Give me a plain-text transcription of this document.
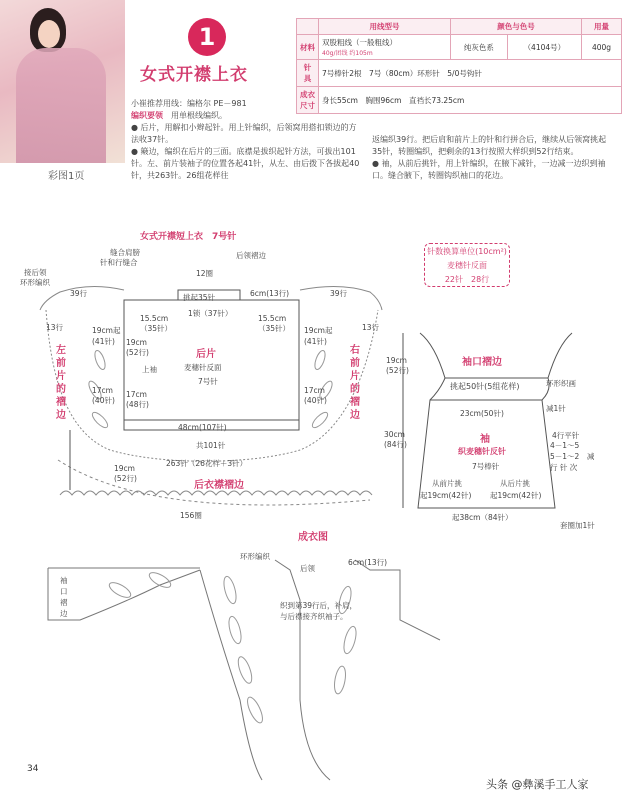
彩图1页
1
女式开襟上衣
	用线型号	颜色与色号		用量
材料	双股粗线（一般粗线）
40g/团线 约105m	纯灰色系	（4104号）	400g
针　具	7号棒针2根　7号（80cm）环形针　5/0号钩针			
成衣尺寸	身长55cm　胸围96cm　直裆长73.25cm			
小崔推荐用线：编格尔 PE－981
编织要领　 用单根线编织。
● 后片，用解扣小辫起针。用上针编织，后领窝用搭扣锁边的方法收37针。
● 簸边，编织在后片的三面。底襟是拔织起针方法，可拔出101针。左、前片装袖子的位置各起41针，从左、由后拨下各拔起40针，共263针。26组花样往
返编织39行。把后肩和前片上的针和行拼合后，继续从后领窝挑起35针，转圈编织，把剩余的13行按照大样织到52行结束。
● 袖，从前后挑针，用上针编织，在腋下减针，一边减一边织到袖口。缝合腋下，转圈钩织袖口的花边。
女式开襟短上衣　7号针
缝合肩膀
针和行缝合
后领褶边
接后领
环形编织
12圈
挑起35针
1锁（37针）
6cm(13行)
39行	39行
13行	13行
15.5cm
（35针）
15.5cm
（35针）
19cm起
(41针)
19cm起
(41针)
19cm
(52行)
17cm
(40针)
17cm
(40针)
17cm
(48行)
上袖
后片
麦穗针反面
7号针
48cm(107针)
共101针
263针（26花样＋3针）
19cm
(52行)
后衣襟褶边
156圈
左前片的褶边
右前片的褶边
针数换算单位(10cm²)
麦穗针反面
22针　28行
袖口褶边
挑起50针(5组花样)	环形织画
19cm
(52行)
23cm(50针)
减1针
袖
织麦穗针反针
7号棒针
30cm
(84行)
4行平针
4－1～5
5－1～2　减
行 针 次
从前片挑
起19cm(42针)
从后片挑
起19cm(42针)
起38cm（84针）
套圈加1针
成衣图
环形编织
后领
6cm(13行)
袖口褶边
织到第39行后，补肩，
与后襟接齐织袖子。
34
头条 @彝溪手工人家
